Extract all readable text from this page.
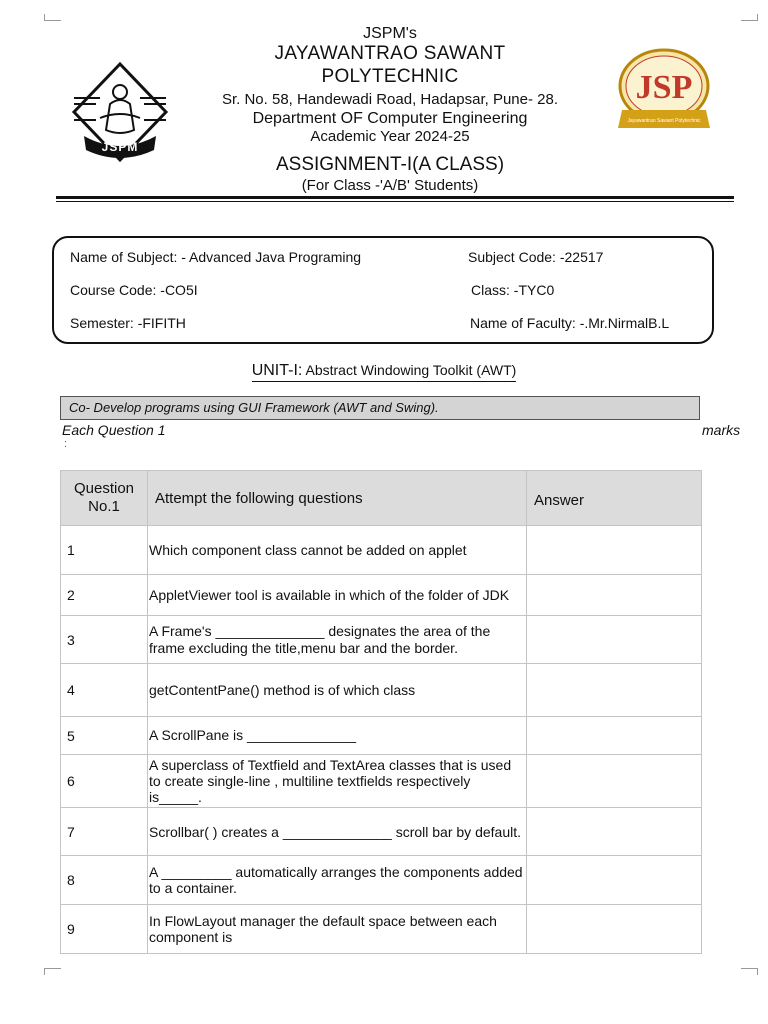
JSPM
JSP
Jayawantrao Sawant Polytechnic
JSPM's
JAYAWANTRAO SAWANT
POLYTECHNIC
Sr. No. 58, Handewadi Road, Hadapsar, Pune- 28.
Department OF Computer Engineering
Academic Year 2024-25
ASSIGNMENT-I(A CLASS)
(For Class -'A/B' Students)
Name of Subject: - Advanced Java Programing	Subject Code: -22517
Course Code: -CO5I	Class: -TYC0
Semester: -FIFITH	Name of Faculty: -.Mr.NirmalB.L
UNIT-I: Abstract Windowing Toolkit (AWT)
Co- Develop programs using GUI Framework (AWT and Swing).
Each Question 1
:
marks
Question
No.1	Attempt the following questions	Answer
1	Which component class cannot be added on applet	
2	AppletViewer tool is available in which of the folder of JDK	
3	A Frame's ______________ designates the area of the frame excluding the title,menu bar and the border.	
4	getContentPane() method is of which class	
5	A ScrollPane is ______________	
6	A superclass of Textfield and TextArea classes that is used to create single-line , multiline textfields respectively is_____.	
7	Scrollbar( ) creates a ______________ scroll bar by default.	
8	A _________ automatically arranges the components added to a container.	
9	In FlowLayout manager the default space between each component is	
